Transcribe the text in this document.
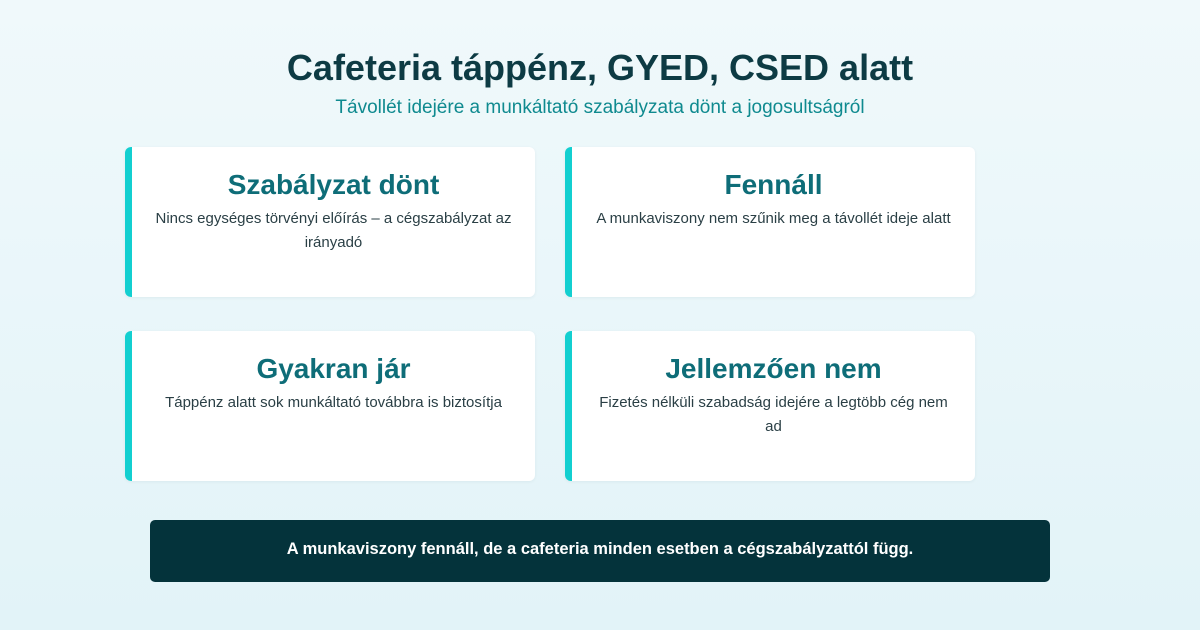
Cafeteria táppénz, GYED, CSED alatt
Távollét idejére a munkáltató szabályzata dönt a jogosultságról
Szabályzat dönt
Nincs egységes törvényi előírás – a cégszabályzat az irányadó
Fennáll
A munkaviszony nem szűnik meg a távollét ideje alatt
Gyakran jár
Táppénz alatt sok munkáltató továbbra is biztosítja
Jellemzően nem
Fizetés nélküli szabadság idejére a legtöbb cég nem ad
A munkaviszony fennáll, de a cafeteria minden esetben a cégszabályzattól függ.
